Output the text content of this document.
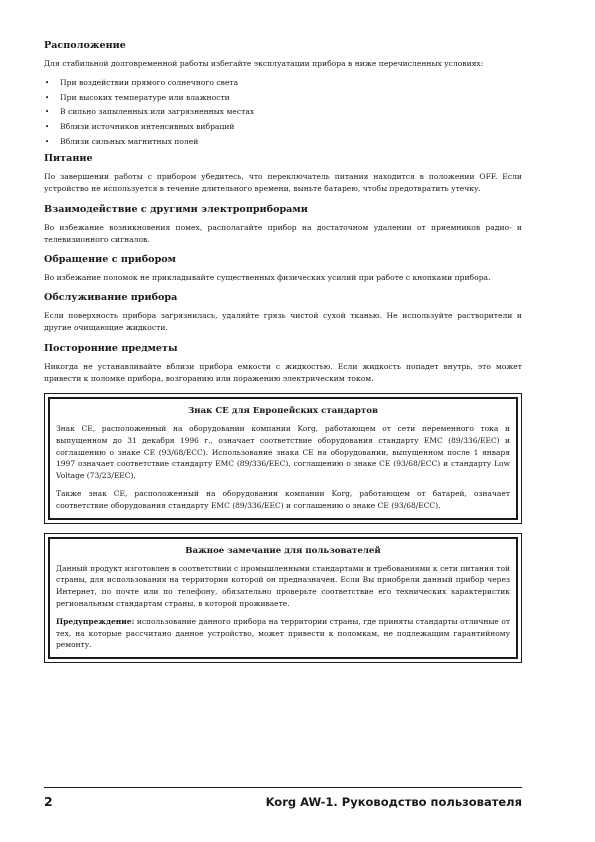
Расположение
Для стабильной долговременной работы избегайте эксплуатации прибора в ниже перечисленных условиях:
• При воздействии прямого солнечного света
• При высоких температуре или влажности
• В сильно запыленных или загрязненных местах
• Вблизи источников интенсивных вибраций
• Вблизи сильных магнитных полей
Питание
По завершении работы с прибором убедитесь, что переключатель питания находится в положении OFF. Если устройство не используется в течение длительного времени, выньте батарею, чтобы предотвратить утечку.
Взаимодействие с другими электроприборами
Во избежание возникновения помех, располагайте прибор на достаточном удалении от приемников радио- и телевизионного сигналов.
Обращение с прибором
Во избежание поломок не прикладывайте существенных физических усилий при работе с кнопками прибора.
Обслуживание прибора
Если поверхность прибора загрязнилась, удаляйте грязь чистой сухой тканью. Не используйте растворители и другие очищающие жидкости.
Посторонние предметы
Никогда не устанавливайте вблизи прибора емкости с жидкостью. Если жидкость попадет внутрь, это может привести к поломке прибора, возгоранию или поражению электрическим током.
Знак CE для Европейских стандартов
Знак CE, расположенный на оборудовании компании Korg, работающем от сети переменного тока и выпущенном до 31 декабря 1996 г., означает соответствие оборудования стандарту EMC (89/336/EEC) и соглашению о знаке CE (93/68/ECC). Использование знака CE на оборудовании, выпущенном после 1 января 1997 означает соответствие стандарту EMC (89/336/EEC), соглашению о знаке CE (93/68/ECC) и стандарту Low Voltage (73/23/EEC).
Также знак CE, расположенный на оборудовании компании Korg, работающем от батарей, означает соответствие оборудования стандарту EMC (89/336/EEC) и соглашению о знаке CE (93/68/ECC).
Важное замечание для пользователей
Данный продукт изготовлен в соответствии с промышленными стандартами и требованиями к сети питания той страны, для использования на территории которой он предназначен. Если Вы приобрели данный прибор через Интернет, по почте или по телефону, обязательно проверьте соответствие его технических характеристик региональным стандартам страны, в которой проживаете.
Предупреждение: использование данного прибора на территории страны, где приняты стандарты отличные от тех, на которые рассчитано данное устройство, может привести к поломкам, не подлежащим гарантийному ремонту.
2	Korg AW-1. Руководство пользователя
